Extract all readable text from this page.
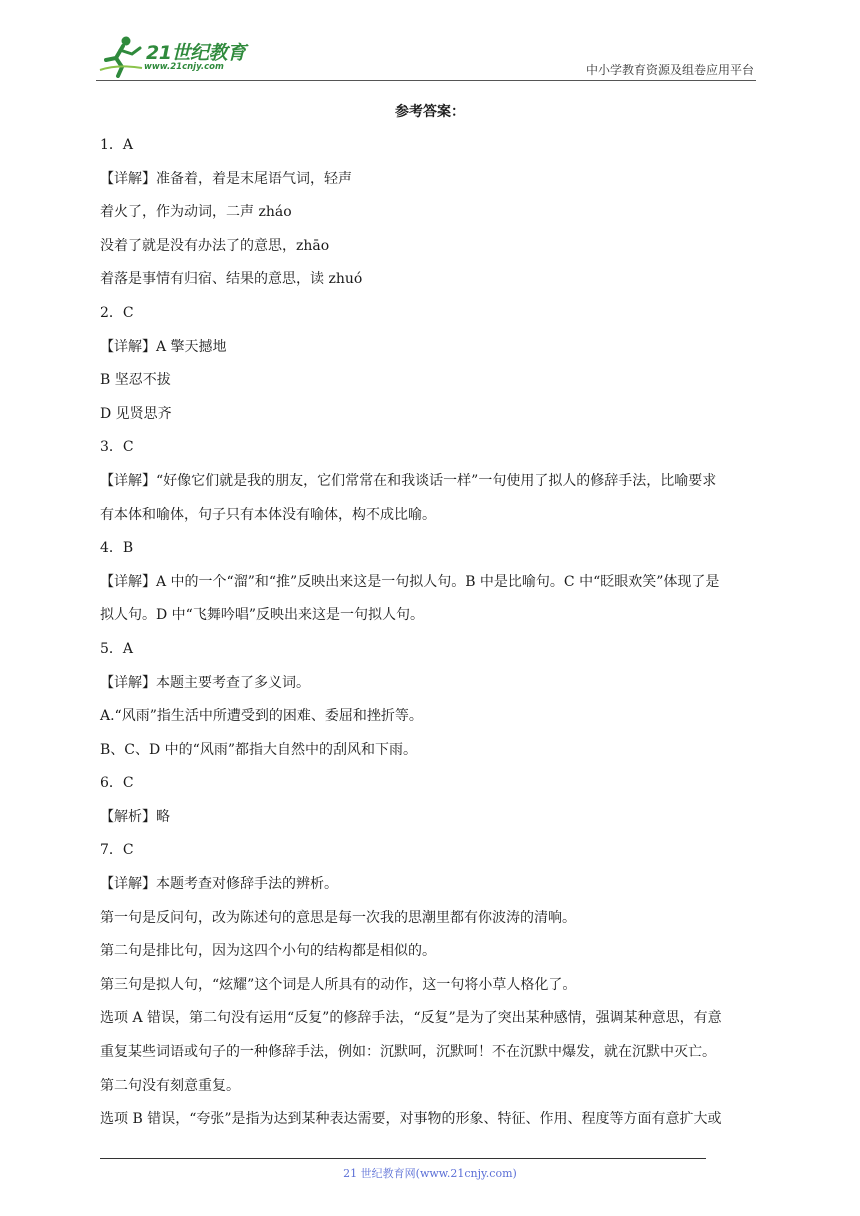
21世纪教育
www.21cnjy.com	中小学教育资源及组卷应用平台
参考答案：
1．A
【详解】准备着，着是末尾语气词，轻声
着火了，作为动词，二声 zháo
没着了就是没有办法了的意思，zhāo
着落是事情有归宿、结果的意思，读 zhuó
2．C
【详解】A 擎天撼地
B 坚忍不拔
D 见贤思齐
3．C
【详解】“好像它们就是我的朋友，它们常常在和我谈话一样”一句使用了拟人的修辞手法，比喻要求
有本体和喻体，句子只有本体没有喻体，构不成比喻。
4．B
【详解】A 中的一个“溜”和“推”反映出来这是一句拟人句。B 中是比喻句。C 中“眨眼欢笑”体现了是
拟人句。D 中“飞舞吟唱”反映出来这是一句拟人句。
5．A
【详解】本题主要考查了多义词。
A.“风雨”指生活中所遭受到的困难、委屈和挫折等。
B、C、D 中的“风雨”都指大自然中的刮风和下雨。
6．C
【解析】略
7．C
【详解】本题考查对修辞手法的辨析。
第一句是反问句，改为陈述句的意思是每一次我的思潮里都有你波涛的清响。
第二句是排比句，因为这四个小句的结构都是相似的。
第三句是拟人句，“炫耀”这个词是人所具有的动作，这一句将小草人格化了。
选项 A 错误，第二句没有运用“反复”的修辞手法，“反复”是为了突出某种感情，强调某种意思，有意
重复某些词语或句子的一种修辞手法，例如：沉默呵，沉默呵！不在沉默中爆发，就在沉默中灭亡。
第二句没有刻意重复。
选项 B 错误，“夸张”是指为达到某种表达需要，对事物的形象、特征、作用、程度等方面有意扩大或
21 世纪教育网(www.21cnjy.com)
